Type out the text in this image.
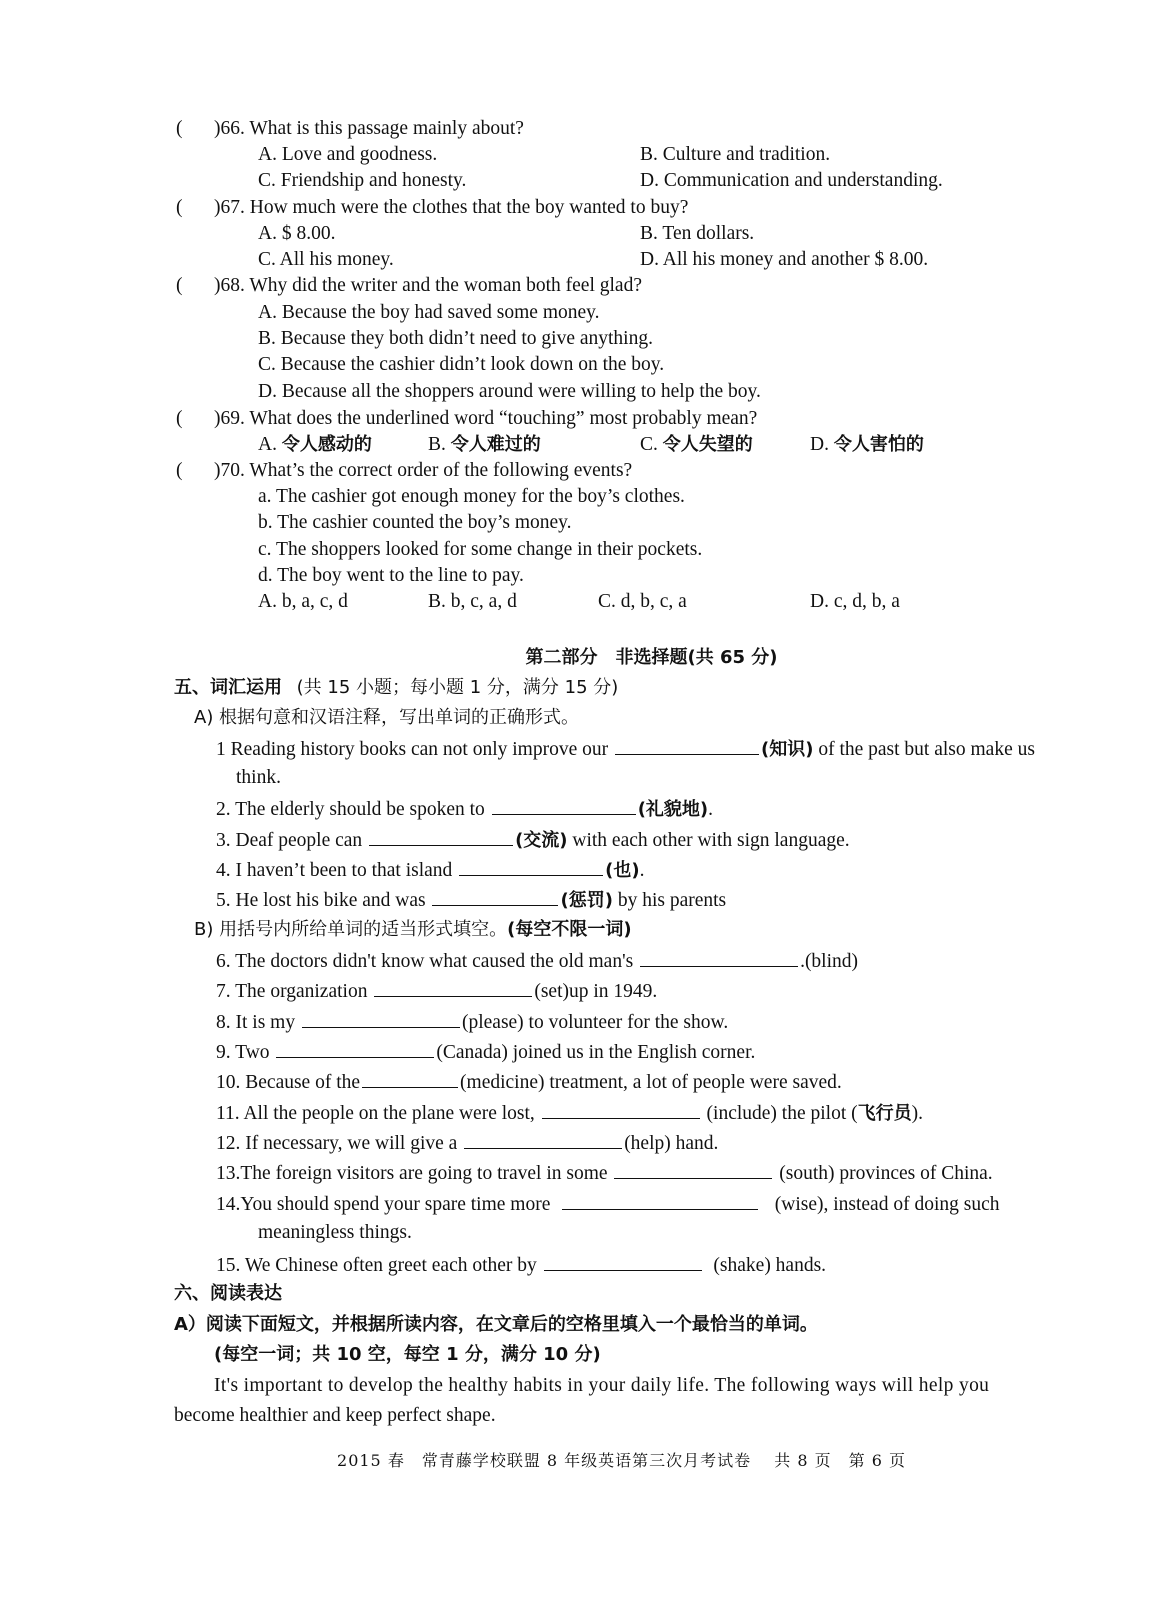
( )66. What is this passage mainly about?
A. Love and goodness.	B. Culture and tradition.
C. Friendship and honesty.	D. Communication and understanding.
( )67. How much were the clothes that the boy wanted to buy?
A. $ 8.00.	B. Ten dollars.
C. All his money.	D. All his money and another $ 8.00.
( )68. Why did the writer and the woman both feel glad?
A. Because the boy had saved some money.
B. Because they both didn’t need to give anything.
C. Because the cashier didn’t look down on the boy.
D. Because all the shoppers around were willing to help the boy.
( )69. What does the underlined word “touching” most probably mean?
A. 令人感动的	B. 令人难过的	C. 令人失望的	D. 令人害怕的
( )70. What’s the correct order of the following events?
a. The cashier got enough money for the boy’s clothes.
b. The cashier counted the boy’s money.
c. The shoppers looked for some change in their pockets.
d. The boy went to the line to pay.
A. b, a, c, d	B. b, c, a, d	C. d, b, c, a	D. c, d, b, a
第二部分　非选择题(共 65 分)
五、词汇运用 (共 15 小题；每小题 1 分，满分 15 分)
A) 根据句意和汉语注释，写出单词的正确形式。
1 Reading history books can not only improve our	(知识) of the past but also make us
think.
2. The elderly should be spoken to	(礼貌地).
3. Deaf people can	(交流) with each other with sign language.
4. I haven’t been to that island	(也).
5. He lost his bike and was	(惩罚) by his parents
B) 用括号内所给单词的适当形式填空。(每空不限一词)
6. The doctors didn't know what caused the old man's	.(blind)
7. The organization	(set)up in 1949.
8. It is my	(please) to volunteer for the show.
9. Two	(Canada) joined us in the English corner.
10. Because of the	(medicine) treatment, a lot of people were saved.
11. All the people on the plane were lost,	(include) the pilot (飞行员).
12. If necessary, we will give a	(help) hand.
13.The foreign visitors are going to travel in some	(south) provinces of China.
14.You should spend your spare time more	(wise), instead of doing such
meaningless things.
15. We Chinese often greet each other by	(shake) hands.
六、阅读表达
A）阅读下面短文，并根据所读内容，在文章后的空格里填入一个最恰当的单词。
(每空一词；共 10 空，每空 1 分，满分 10 分)
It's important to develop the healthy habits in your daily life. The following ways will help you
become healthier and keep perfect shape.
2015 春　常青藤学校联盟 8 年级英语第三次月考试卷　 共 8 页　第 6 页
